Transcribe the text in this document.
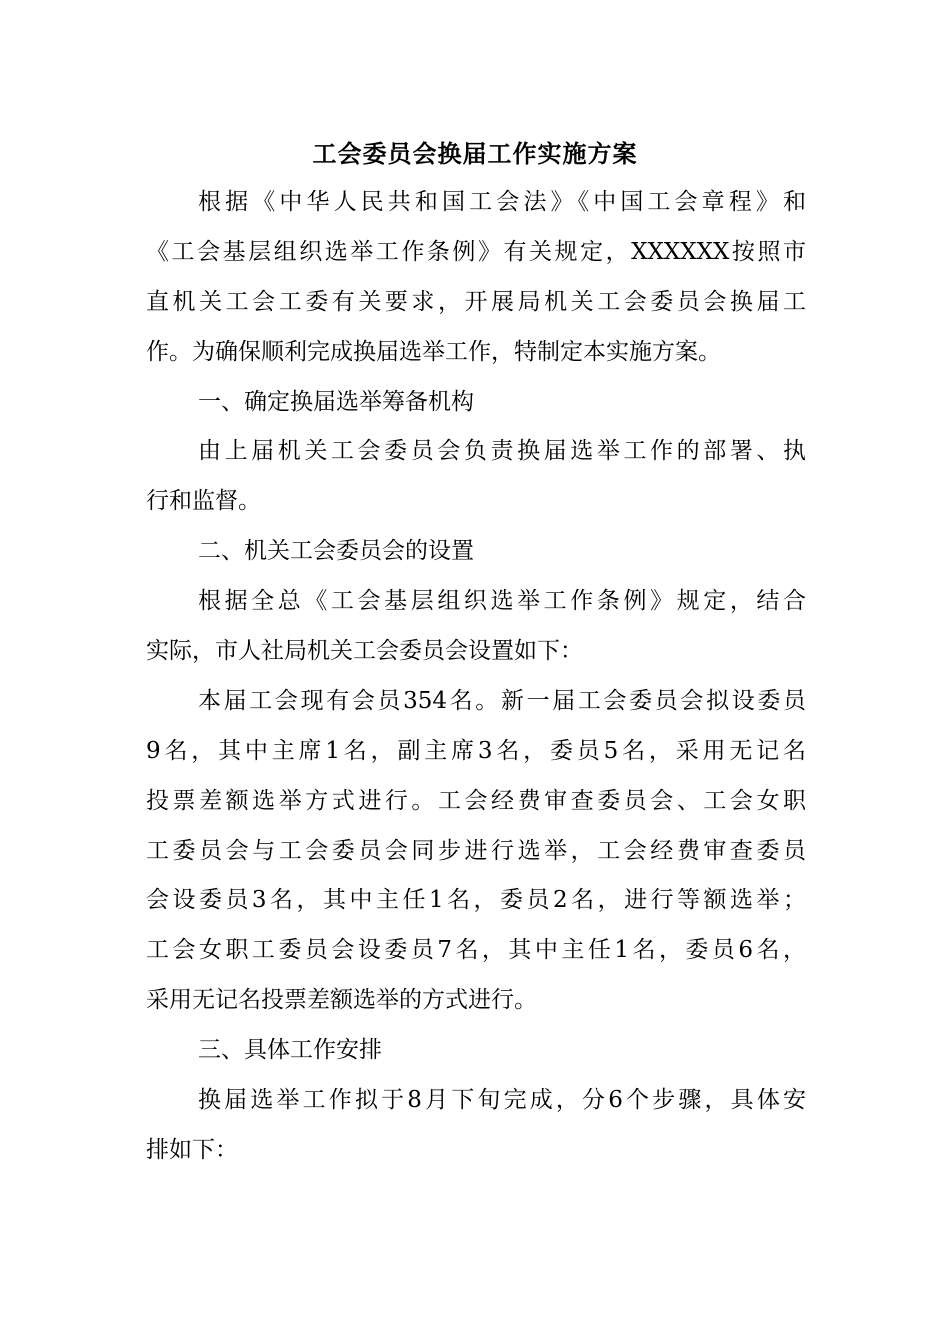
工会委员会换届工作实施方案
根据《中华人民共和国工会法》《中国工会章程》和
《工会基层组织选举工作条例》有关规定，XXXXXX按照市
直机关工会工委有关要求，开展局机关工会委员会换届工
作。为确保顺利完成换届选举工作，特制定本实施方案。
一、确定换届选举筹备机构
由上届机关工会委员会负责换届选举工作的部署、执
行和监督。
二、机关工会委员会的设置
根据全总《工会基层组织选举工作条例》规定，结合
实际，市人社局机关工会委员会设置如下：
本届工会现有会员354名。新一届工会委员会拟设委员
9名，其中主席1名，副主席3名，委员5名，采用无记名
投票差额选举方式进行。工会经费审查委员会、工会女职
工委员会与工会委员会同步进行选举，工会经费审查委员
会设委员3名，其中主任1名，委员2名，进行等额选举；
工会女职工委员会设委员7名，其中主任1名，委员6名，
采用无记名投票差额选举的方式进行。
三、具体工作安排
换届选举工作拟于8月下旬完成，分6个步骤，具体安
排如下：
